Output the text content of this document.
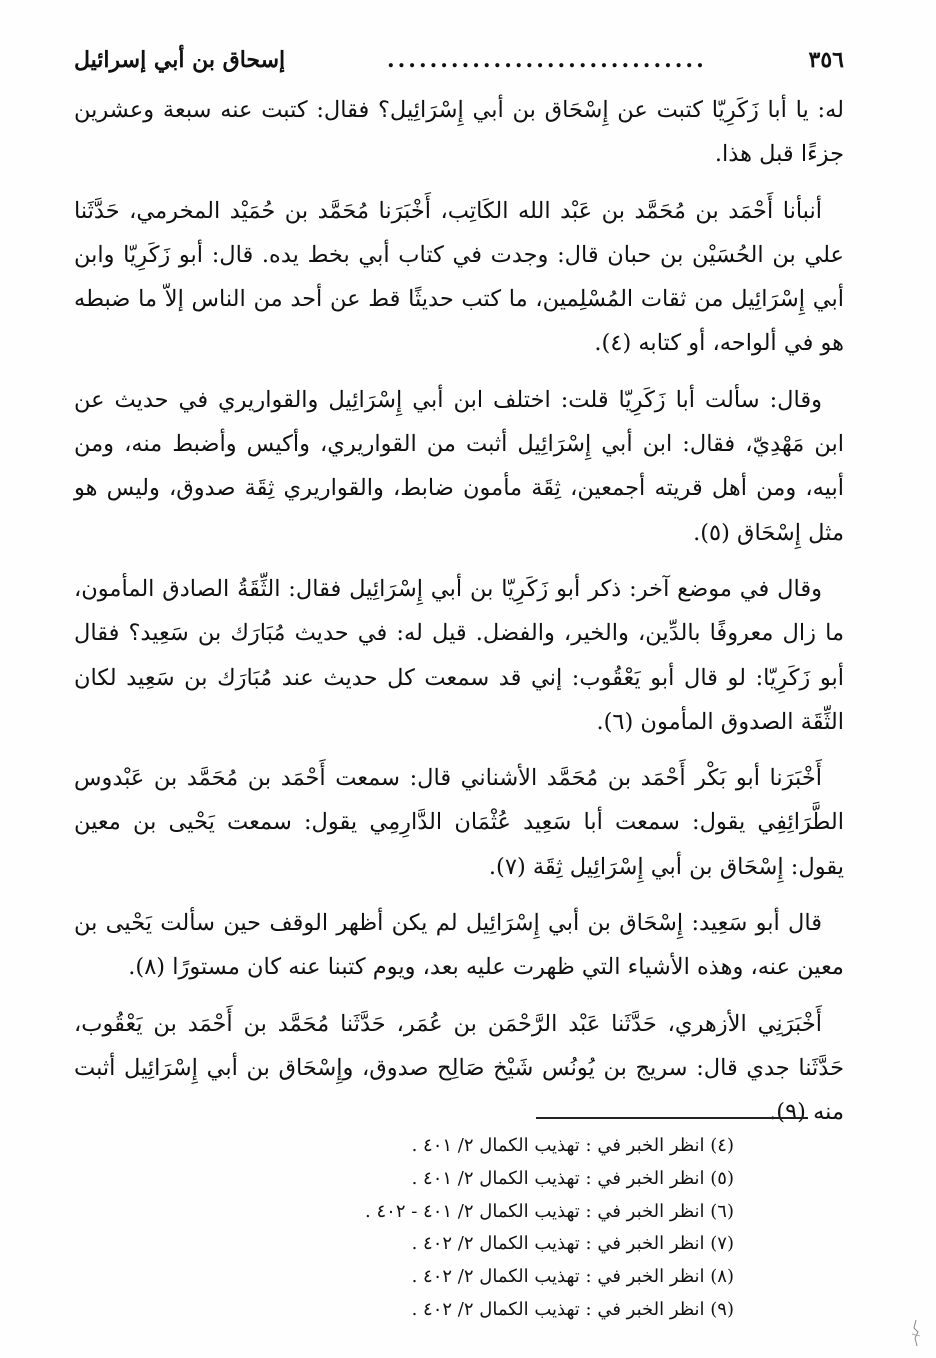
٣٥٦
..............................
إسحاق بن أبي إسرائيل

له: يا أبا زَكَرِيّا كتبت عن إِسْحَاق بن أبي إِسْرَائِيل؟ فقال: كتبت عنه سبعة وعشرين جزءًا قبل هذا.

أنبأنا أَحْمَد بن مُحَمَّد بن عَبْد الله الكَاتِب، أَخْبَرَنا مُحَمَّد بن حُمَيْد المخرمي، حَدَّثَنا علي بن الحُسَيْن بن حبان قال: وجدت في كتاب أبي بخط يده. قال: أبو زَكَرِيّا وابن أبي إِسْرَائِيل من ثقات المُسْلِمين، ما كتب حديثًا قط عن أحد من الناس إلاّ ما ضبطه هو في ألواحه، أو كتابه (٤).

وقال: سألت أبا زَكَرِيّا قلت: اختلف ابن أبي إِسْرَائِيل والقواريري في حديث عن ابن مَهْدِيّ، فقال: ابن أبي إِسْرَائِيل أثبت من القواريري، وأكيس وأضبط منه، ومن أبيه، ومن أهل قريته أجمعين، ثِقَة مأمون ضابط، والقواريري ثِقَة صدوق، وليس هو مثل إِسْحَاق (٥).

وقال في موضع آخر: ذكر أبو زَكَرِيّا بن أبي إِسْرَائِيل فقال: الثِّقَةُ الصادق المأمون، ما زال معروفًا بالدِّين، والخير، والفضل. قيل له: في حديث مُبَارَك بن سَعِيد؟ فقال أبو زَكَرِيّا: لو قال أبو يَعْقُوب: إني قد سمعت كل حديث عند مُبَارَك بن سَعِيد لكان الثِّقَة الصدوق المأمون (٦).

أَخْبَرَنا أبو بَكْر أَحْمَد بن مُحَمَّد الأشناني قال: سمعت أَحْمَد بن مُحَمَّد بن عَبْدوس الطَّرَائِفِي يقول: سمعت أبا سَعِيد عُثْمَان الدَّارِمِي يقول: سمعت يَحْيى بن معين يقول: إِسْحَاق بن أبي إِسْرَائِيل ثِقَة (٧).

قال أبو سَعِيد: إِسْحَاق بن أبي إِسْرَائِيل لم يكن أظهر الوقف حين سألت يَحْيى بن معين عنه، وهذه الأشياء التي ظهرت عليه بعد، ويوم كتبنا عنه كان مستورًا (٨).

أَخْبَرَنِي الأزهري، حَدَّثَنا عَبْد الرَّحْمَن بن عُمَر، حَدَّثَنا مُحَمَّد بن أَحْمَد بن يَعْقُوب، حَدَّثَنا جدي قال: سريج بن يُونُس شَيْخ صَالِح صدوق، وإِسْحَاق بن أبي إِسْرَائِيل أثبت منه (٩).

(٤) انظر الخبر في : تهذيب الكمال ٢/ ٤٠١ .
(٥) انظر الخبر في : تهذيب الكمال ٢/ ٤٠١ .
(٦) انظر الخبر في : تهذيب الكمال ٢/ ٤٠١ - ٤٠٢ .
(٧) انظر الخبر في : تهذيب الكمال ٢/ ٤٠٢ .
(٨) انظر الخبر في : تهذيب الكمال ٢/ ٤٠٢ .
(٩) انظر الخبر في : تهذيب الكمال ٢/ ٤٠٢ .
